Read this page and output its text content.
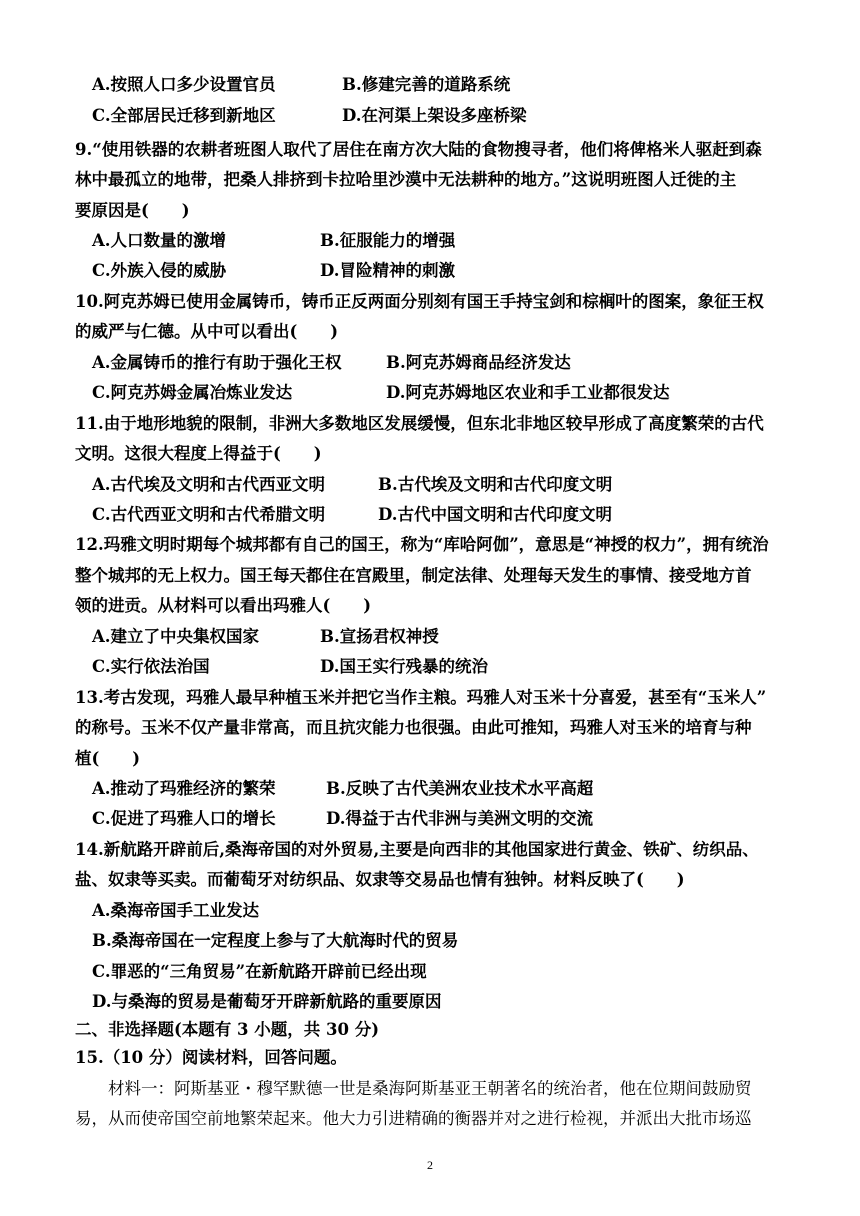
A.按照人口多少设置官员	B.修建完善的道路系统
C.全部居民迁移到新地区	D.在河渠上架设多座桥梁
9.“使用铁器的农耕者班图人取代了居住在南方次大陆的食物搜寻者，他们将俾格米人驱赶到森
林中最孤立的地带，把桑人排挤到卡拉哈里沙漠中无法耕种的地方。”这说明班图人迁徙的主
要原因是(　　)
A.人口数量的激增	B.征服能力的增强
C.外族入侵的威胁	D.冒险精神的刺激
10.阿克苏姆已使用金属铸币，铸币正反两面分别刻有国王手持宝剑和棕榈叶的图案，象征王权
的威严与仁德。从中可以看出(　　)
A.金属铸币的推行有助于强化王权	B.阿克苏姆商品经济发达
C.阿克苏姆金属冶炼业发达	D.阿克苏姆地区农业和手工业都很发达
11.由于地形地貌的限制，非洲大多数地区发展缓慢，但东北非地区较早形成了高度繁荣的古代
文明。这很大程度上得益于(　　)
A.古代埃及文明和古代西亚文明	B.古代埃及文明和古代印度文明
C.古代西亚文明和古代希腊文明	D.古代中国文明和古代印度文明
12.玛雅文明时期每个城邦都有自己的国王，称为“库哈阿伽”，意思是“神授的权力”，拥有统治
整个城邦的无上权力。国王每天都住在宫殿里，制定法律、处理每天发生的事情、接受地方首
领的进贡。从材料可以看出玛雅人(　　)
A.建立了中央集权国家	B.宣扬君权神授
C.实行依法治国	D.国王实行残暴的统治
13.考古发现，玛雅人最早种植玉米并把它当作主粮。玛雅人对玉米十分喜爱，甚至有“玉米人”
的称号。玉米不仅产量非常高，而且抗灾能力也很强。由此可推知，玛雅人对玉米的培育与种
植(　　)
A.推动了玛雅经济的繁荣	B.反映了古代美洲农业技术水平高超
C.促进了玛雅人口的增长	D.得益于古代非洲与美洲文明的交流
14.新航路开辟前后,桑海帝国的对外贸易,主要是向西非的其他国家进行黄金、铁矿、纺织品、
盐、奴隶等买卖。而葡萄牙对纺织品、奴隶等交易品也情有独钟。材料反映了(　　)
A.桑海帝国手工业发达
B.桑海帝国在一定程度上参与了大航海时代的贸易
C.罪恶的“三角贸易”在新航路开辟前已经出现
D.与桑海的贸易是葡萄牙开辟新航路的重要原因
二、非选择题(本题有 3 小题，共 30 分)
15.（10 分）阅读材料，回答问题。
材料一：阿斯基亚・穆罕默德一世是桑海阿斯基亚王朝著名的统治者，他在位期间鼓励贸
易，从而使帝国空前地繁荣起来。他大力引进精确的衡器并对之进行检视，并派出大批市场巡
2
